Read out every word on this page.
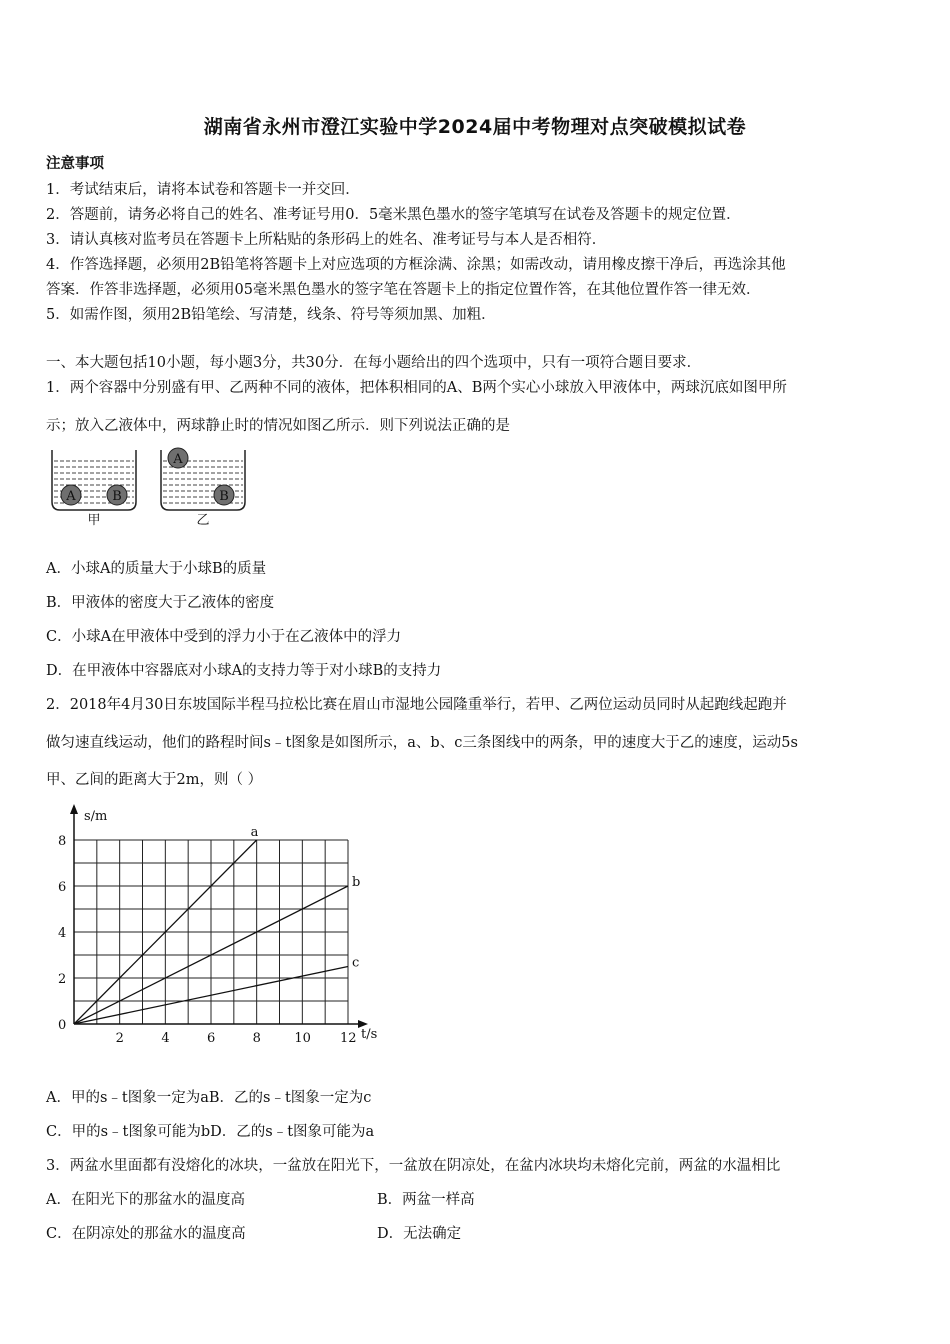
湖南省永州市澄江实验中学2024届中考物理对点突破模拟试卷
注意事项
1．考试结束后，请将本试卷和答题卡一并交回．
2．答题前，请务必将自己的姓名、准考证号用0．5毫米黑色墨水的签字笔填写在试卷及答题卡的规定位置．
3．请认真核对监考员在答题卡上所粘贴的条形码上的姓名、准考证号与本人是否相符．
4．作答选择题，必须用2B铅笔将答题卡上对应选项的方框涂满、涂黑；如需改动，请用橡皮擦干净后，再选涂其他
答案．作答非选择题，必须用05毫米黑色墨水的签字笔在答题卡上的指定位置作答，在其他位置作答一律无效．
5．如需作图，须用2B铅笔绘、写清楚，线条、符号等须加黑、加粗．
一、本大题包括10小题，每小题3分，共30分．在每小题给出的四个选项中，只有一项符合题目要求．
1．两个容器中分别盛有甲、乙两种不同的液体，把体积相同的A、B两个实心小球放入甲液体中，两球沉底如图甲所
示；放入乙液体中，两球静止时的情况如图乙所示．则下列说法正确的是
A	B
甲
A
B
乙
A．小球A的质量大于小球B的质量
B．甲液体的密度大于乙液体的密度
C．小球A在甲液体中受到的浮力小于在乙液体中的浮力
D．在甲液体中容器底对小球A的支持力等于对小球B的支持力
2．2018年4月30日东坡国际半程马拉松比赛在眉山市湿地公园隆重举行，若甲、乙两位运动员同时从起跑线起跑并
做匀速直线运动，他们的路程时间s﹣t图象是如图所示，a、b、c三条图线中的两条，甲的速度大于乙的速度，运动5s
甲、乙间的距离大于2m，则（ ）
a
b
c
0
2
4
6
8
2	4	6	8	10 12
s/m
t/s
A．甲的s﹣t图象一定为aB．乙的s﹣t图象一定为c
C．甲的s﹣t图象可能为bD．乙的s﹣t图象可能为a
3．两盆水里面都有没熔化的冰块，一盆放在阳光下，一盆放在阴凉处，在盆内冰块均未熔化完前，两盆的水温相比
A．在阳光下的那盆水的温度高	B．两盆一样高
C．在阴凉处的那盆水的温度高	D．无法确定
